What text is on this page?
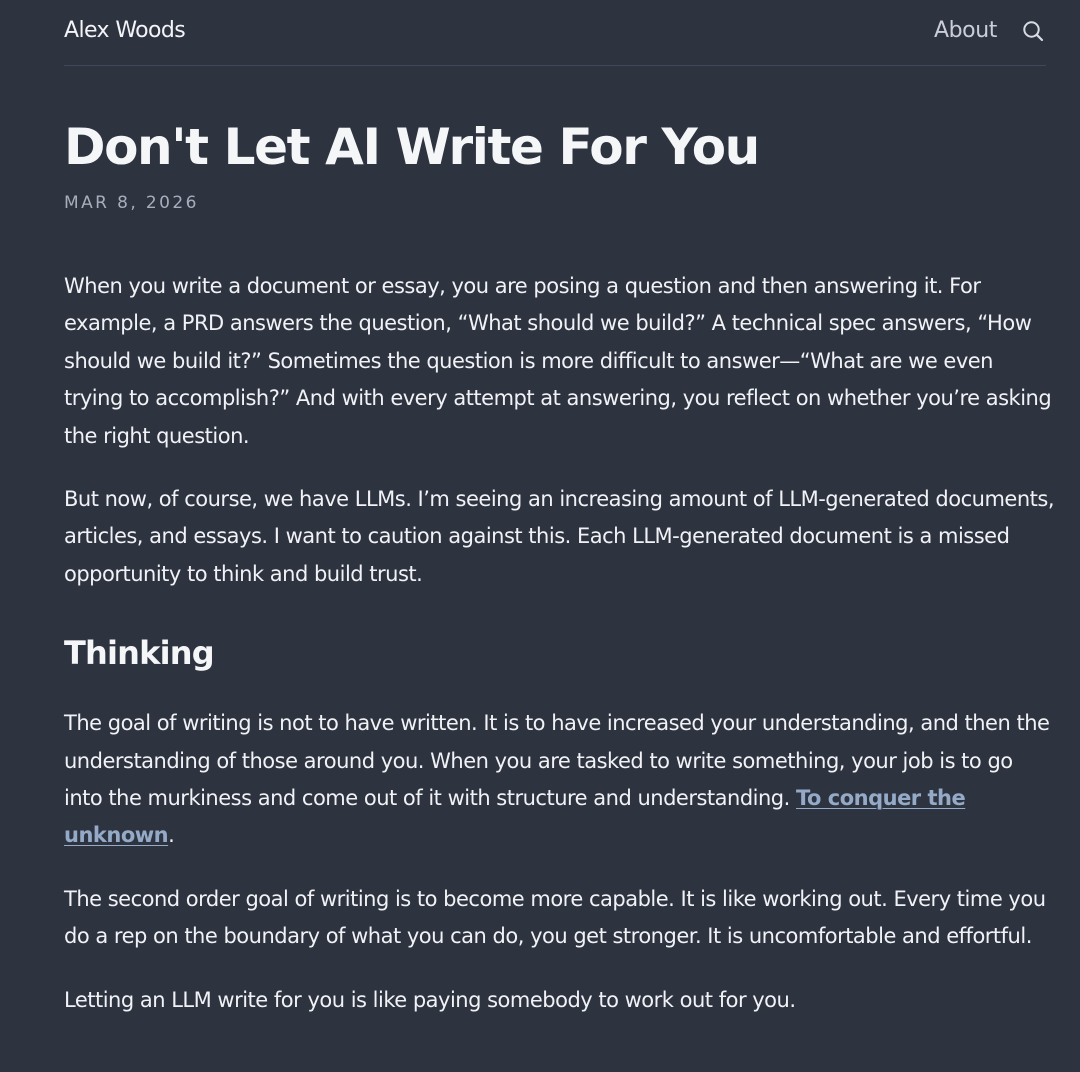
Alex Woods	About
Don't Let AI Write For You
MAR 8, 2026

When you write a document or essay, you are posing a question and then answering it. For example, a PRD answers the question, “What should we build?” A technical spec answers, “How should we build it?” Sometimes the question is more difficult to answer—“What are we even trying to accomplish?” And with every attempt at answering, you reflect on whether you’re asking the right question.

But now, of course, we have LLMs. I’m seeing an increasing amount of LLM-generated documents, articles, and essays. I want to caution against this. Each LLM-generated document is a missed opportunity to think and build trust.

Thinking

The goal of writing is not to have written. It is to have increased your understanding, and then the understanding of those around you. When you are tasked to write something, your job is to go into the murkiness and come out of it with structure and understanding. To conquer the unknown.

The second order goal of writing is to become more capable. It is like working out. Every time you do a rep on the boundary of what you can do, you get stronger. It is uncomfortable and effortful.

Letting an LLM write for you is like paying somebody to work out for you.
